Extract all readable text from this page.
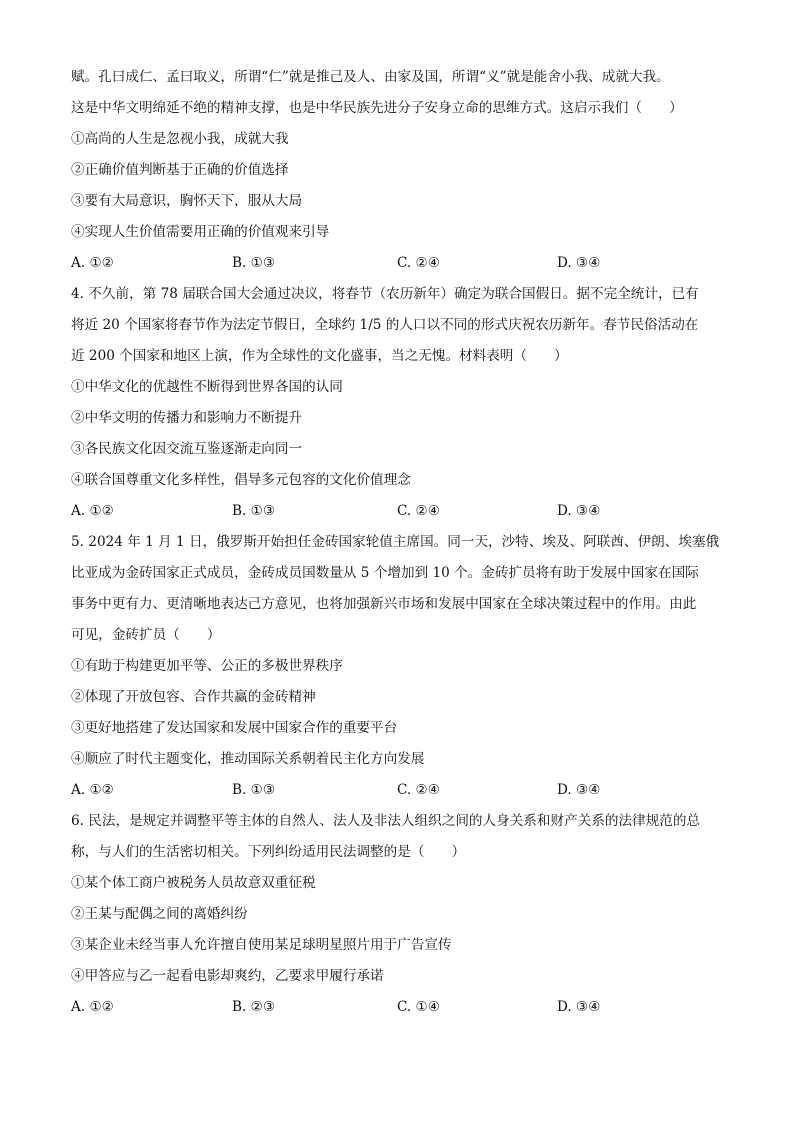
赋。孔曰成仁、孟曰取义，所谓“仁”就是推己及人、由家及国，所谓“义”就是能舍小我、成就大我。
这是中华文明绵延不绝的精神支撑，也是中华民族先进分子安身立命的思维方式。这启示我们（　　）
①高尚的人生是忽视小我，成就大我
②正确价值判断基于正确的价值选择
③要有大局意识，胸怀天下，服从大局
④实现人生价值需要用正确的价值观来引导
A. ①②	B. ①③	C. ②④	D. ③④
4. 不久前，第 78 届联合国大会通过决议，将春节（农历新年）确定为联合国假日。据不完全统计，已有
将近 20 个国家将春节作为法定节假日，全球约 1/5 的人口以不同的形式庆祝农历新年。春节民俗活动在
近 200 个国家和地区上演，作为全球性的文化盛事，当之无愧。材料表明（　　）
①中华文化的优越性不断得到世界各国的认同
②中华文明的传播力和影响力不断提升
③各民族文化因交流互鉴逐渐走向同一
④联合国尊重文化多样性，倡导多元包容的文化价值理念
A. ①②	B. ①③	C. ②④	D. ③④
5. 2024 年 1 月 1 日，俄罗斯开始担任金砖国家轮值主席国。同一天，沙特、埃及、阿联酋、伊朗、埃塞俄
比亚成为金砖国家正式成员，金砖成员国数量从 5 个增加到 10 个。金砖扩员将有助于发展中国家在国际
事务中更有力、更清晰地表达己方意见，也将加强新兴市场和发展中国家在全球决策过程中的作用。由此
可见，金砖扩员（　　）
①有助于构建更加平等、公正的多极世界秩序
②体现了开放包容、合作共赢的金砖精神
③更好地搭建了发达国家和发展中国家合作的重要平台
④顺应了时代主题变化，推动国际关系朝着民主化方向发展
A. ①②	B. ①③	C. ②④	D. ③④
6. 民法，是规定并调整平等主体的自然人、法人及非法人组织之间的人身关系和财产关系的法律规范的总
称，与人们的生活密切相关。下列纠纷适用民法调整的是（　　）
①某个体工商户被税务人员故意双重征税
②王某与配偶之间的离婚纠纷
③某企业未经当事人允许擅自使用某足球明星照片用于广告宣传
④甲答应与乙一起看电影却爽约，乙要求甲履行承诺
A. ①②	B. ②③	C. ①④	D. ③④
